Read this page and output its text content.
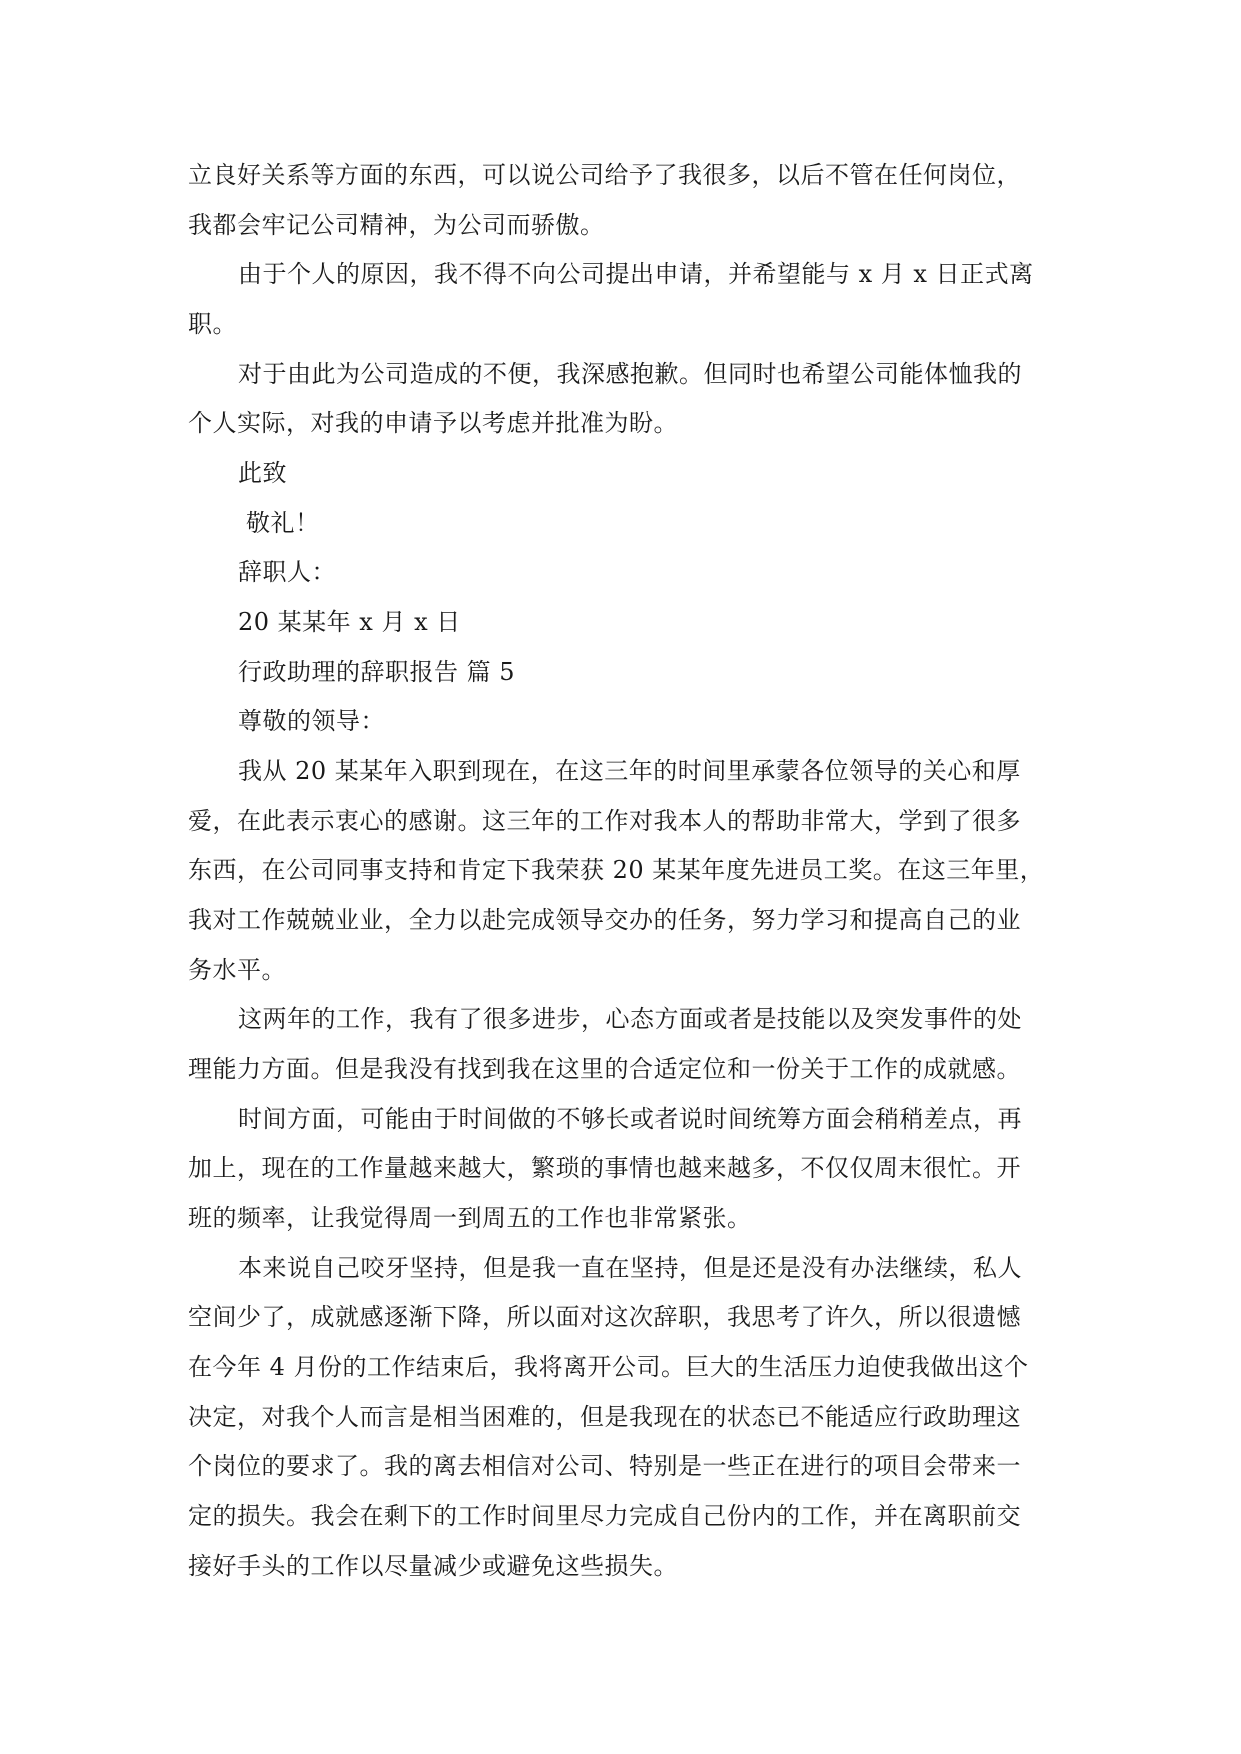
立良好关系等方面的东西，可以说公司给予了我很多，以后不管在任何岗位，
我都会牢记公司精神，为公司而骄傲。
由于个人的原因，我不得不向公司提出申请，并希望能与 x 月 x 日正式离
职。
对于由此为公司造成的不便，我深感抱歉。但同时也希望公司能体恤我的
个人实际，对我的申请予以考虑并批准为盼。
此致
敬礼！
辞职人：
20 某某年 x 月 x 日
行政助理的辞职报告 篇 5
尊敬的领导：
我从 20 某某年入职到现在，在这三年的时间里承蒙各位领导的关心和厚
爱，在此表示衷心的感谢。这三年的工作对我本人的帮助非常大，学到了很多
东西，在公司同事支持和肯定下我荣获 20 某某年度先进员工奖。在这三年里，
我对工作兢兢业业，全力以赴完成领导交办的任务，努力学习和提高自己的业
务水平。
这两年的工作，我有了很多进步，心态方面或者是技能以及突发事件的处
理能力方面。但是我没有找到我在这里的合适定位和一份关于工作的成就感。
时间方面，可能由于时间做的不够长或者说时间统筹方面会稍稍差点，再
加上，现在的工作量越来越大，繁琐的事情也越来越多，不仅仅周末很忙。开
班的频率，让我觉得周一到周五的工作也非常紧张。
本来说自己咬牙坚持，但是我一直在坚持，但是还是没有办法继续，私人
空间少了，成就感逐渐下降，所以面对这次辞职，我思考了许久，所以很遗憾
在今年 4 月份的工作结束后，我将离开公司。巨大的生活压力迫使我做出这个
决定，对我个人而言是相当困难的，但是我现在的状态已不能适应行政助理这
个岗位的要求了。我的离去相信对公司、特别是一些正在进行的项目会带来一
定的损失。我会在剩下的工作时间里尽力完成自己份内的工作，并在离职前交
接好手头的工作以尽量减少或避免这些损失。
